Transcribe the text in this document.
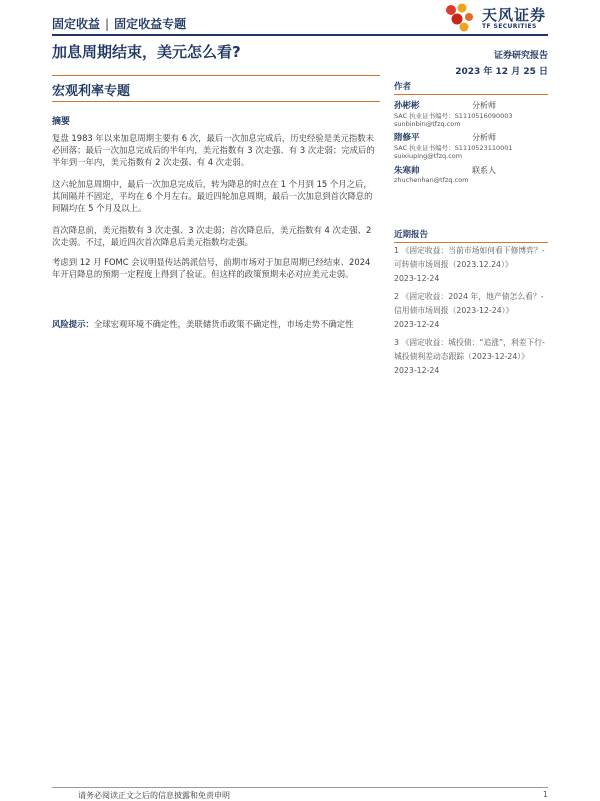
固定收益 | 固定收益专题	天风证券
TF SECURITIES
加息周期结束，美元怎么看?	证券研究报告
2023 年 12 月 25 日
宏观利率专题
摘要

复盘 1983 年以来加息周期主要有 6 次，最后一次加息完成后，历史经验是美元指数未必回落；最后一次加息完成后的半年内，美元指数有 3 次走强、有 3 次走弱；完成后的半年到一年内，美元指数有 2 次走强、有 4 次走弱。

这六轮加息周期中，最后一次加息完成后，转为降息的时点在 1 个月到 15 个月之后，其间隔并不固定，平均在 6 个月左右。最近四轮加息周期，最后一次加息到首次降息的间隔均在 5 个月及以上。

首次降息前，美元指数有 3 次走强、3 次走弱；首次降息后，美元指数有 4 次走强、2 次走弱。不过，最近四次首次降息后美元指数均走强。

考虑到 12 月 FOMC 会议明显传达鸽派信号，前期市场对于加息周期已经结束、2024 年开启降息的预期一定程度上得到了验证。但这样的政策预期未必对应美元走弱。

风险提示：全球宏观环境不确定性，美联储货币政策不确定性，市场走势不确定性

作者
孙彬彬	分析师
SAC 执业证书编号：S1110516090003
sunbinbin@tfzq.com
隋修平	分析师
SAC 执业证书编号：S1110523110001
suixiuping@tfzq.com
朱寒帅	联系人
zhuchenhan@tfzq.com
近期报告

1 《固定收益：当前市场如何看下修博弈？-可转债市场周报（2023.12.24）》
2023-12-24

2 《固定收益：2024 年，地产债怎么看？-信用债市场周报（2023-12-24）》
2023-12-24

3 《固定收益：城投债：“追涨”，利差下行-城投债利差动态跟踪（2023-12-24）》 2023-12-24

请务必阅读正文之后的信息披露和免责申明	1
